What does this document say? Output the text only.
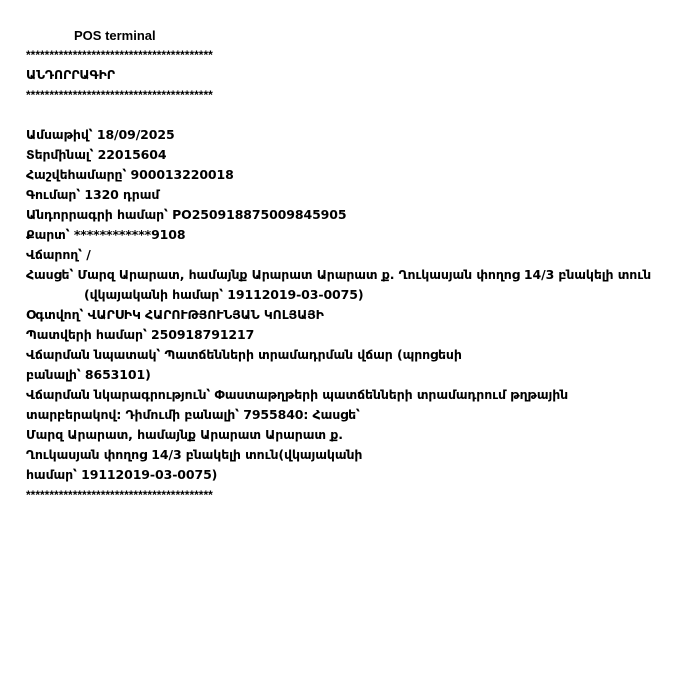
POS terminal
****************************************
ԱՆԴՈՐՐԱԳԻՐ
****************************************
Ամսաթիվ՝ 18/09/2025
Տերմինալ՝ 22015604
Հաշվեհամարը՝ 900013220018
Գումար՝ 1320 դրամ
Անդորրագրի համար՝ PO250918875009845905
Քարտ՝ ************9108
Վճարող՝ /
Հասցե՝ Մարզ Արարատ, համայնք Արարատ Արարատ ք. Ղուկասյան փողոց 14/3 բնակելի տուն
(վկայականի համար՝ 19112019-03-0075)
Օգտվող՝ ՎԱՐՍԻԿ ՀԱՐՈՒԹՅՈՒՆՅԱՆ ԿՈԼՅԱՅԻ
Պատվերի համար՝ 250918791217
Վճարման նպատակ՝ Պատճենների տրամադրման վճար (պրոցեսի
բանալի՝ 8653101)
Վճարման նկարագրություն՝ Փաստաթղթերի պատճենների տրամադրում թղթային
տարբերակով: Դիմումի բանալի՝ 7955840: Հասցե՝
Մարզ Արարատ, համայնք Արարատ Արարատ ք.
Ղուկասյան փողոց 14/3 բնակելի տուն(վկայականի
համար՝ 19112019-03-0075)
****************************************
